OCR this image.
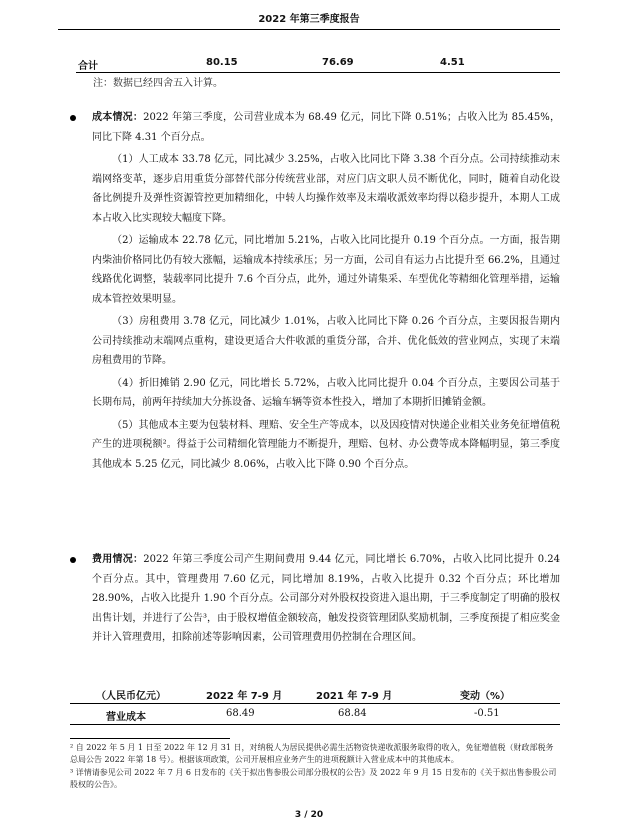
2022 年第三季度报告
合计	80.15	76.69	4.51
注：数据已经四舍五入计算。

成本情况：2022 年第三季度，公司营业成本为 68.49 亿元，同比下降 0.51%；占收入比为 85.45%，同比下降 4.31 个百分点。

（1）人工成本 33.78 亿元，同比减少 3.25%，占收入比同比下降 3.38 个百分点。公司持续推动末端网络变革，逐步启用重货分部替代部分传统营业部，对应门店文职人员不断优化，同时，随着自动化设备比例提升及弹性资源管控更加精细化，中转人均操作效率及末端收派效率均得以稳步提升，本期人工成本占收入比实现较大幅度下降。

（2）运输成本 22.78 亿元，同比增加 5.21%，占收入比同比提升 0.19 个百分点。一方面，报告期内柴油价格同比仍有较大涨幅，运输成本持续承压；另一方面，公司自有运力占比提升至 66.2%，且通过线路优化调整，装载率同比提升 7.6 个百分点，此外，通过外请集采、车型优化等精细化管理举措，运输成本管控效果明显。

（3）房租费用 3.78 亿元，同比减少 1.01%，占收入比同比下降 0.26 个百分点，主要因报告期内公司持续推动末端网点重构，建设更适合大件收派的重货分部，合并、优化低效的营业网点，实现了末端房租费用的节降。

（4）折旧摊销 2.90 亿元，同比增长 5.72%，占收入比同比提升 0.04 个百分点，主要因公司基于长期布局，前两年持续加大分拣设备、运输车辆等资本性投入，增加了本期折旧摊销金额。

（5）其他成本主要为包装材料、理赔、安全生产等成本，以及因疫情对快递企业相关业务免征增值税产生的进项税额²。得益于公司精细化管理能力不断提升，理赔、包材、办公费等成本降幅明显，第三季度其他成本 5.25 亿元，同比减少 8.06%，占收入比下降 0.90 个百分点。

费用情况：2022 年第三季度公司产生期间费用 9.44 亿元，同比增长 6.70%，占收入比同比提升 0.24 个百分点。其中，管理费用 7.60 亿元，同比增加 8.19%，占收入比提升 0.32 个百分点；环比增加 28.90%，占收入比提升 1.90 个百分点。公司部分对外股权投资进入退出期，于三季度制定了明确的股权出售计划，并进行了公告³，由于股权增值金额较高，触发投资管理团队奖励机制，三季度预提了相应奖金并计入管理费用，扣除前述等影响因素，公司管理费用仍控制在合理区间。

（人民币亿元）	2022 年 7-9 月	2021 年 7-9 月	变动（%）
营业成本	68.49	68.84	-0.51

² 自 2022 年 5 月 1 日至 2022 年 12 月 31 日，对纳税人为居民提供必需生活物资快递收派服务取得的收入，免征增值税（财政部税务总局公告 2022 年第 18 号）。根据该项政策，公司开展相应业务产生的进项税额计入营业成本中的其他成本。

³ 详情请参见公司 2022 年 7 月 6 日发布的《关于拟出售参股公司部分股权的公告》及 2022 年 9 月 15 日发布的《关于拟出售参股公司股权的公告》。

3 / 20
